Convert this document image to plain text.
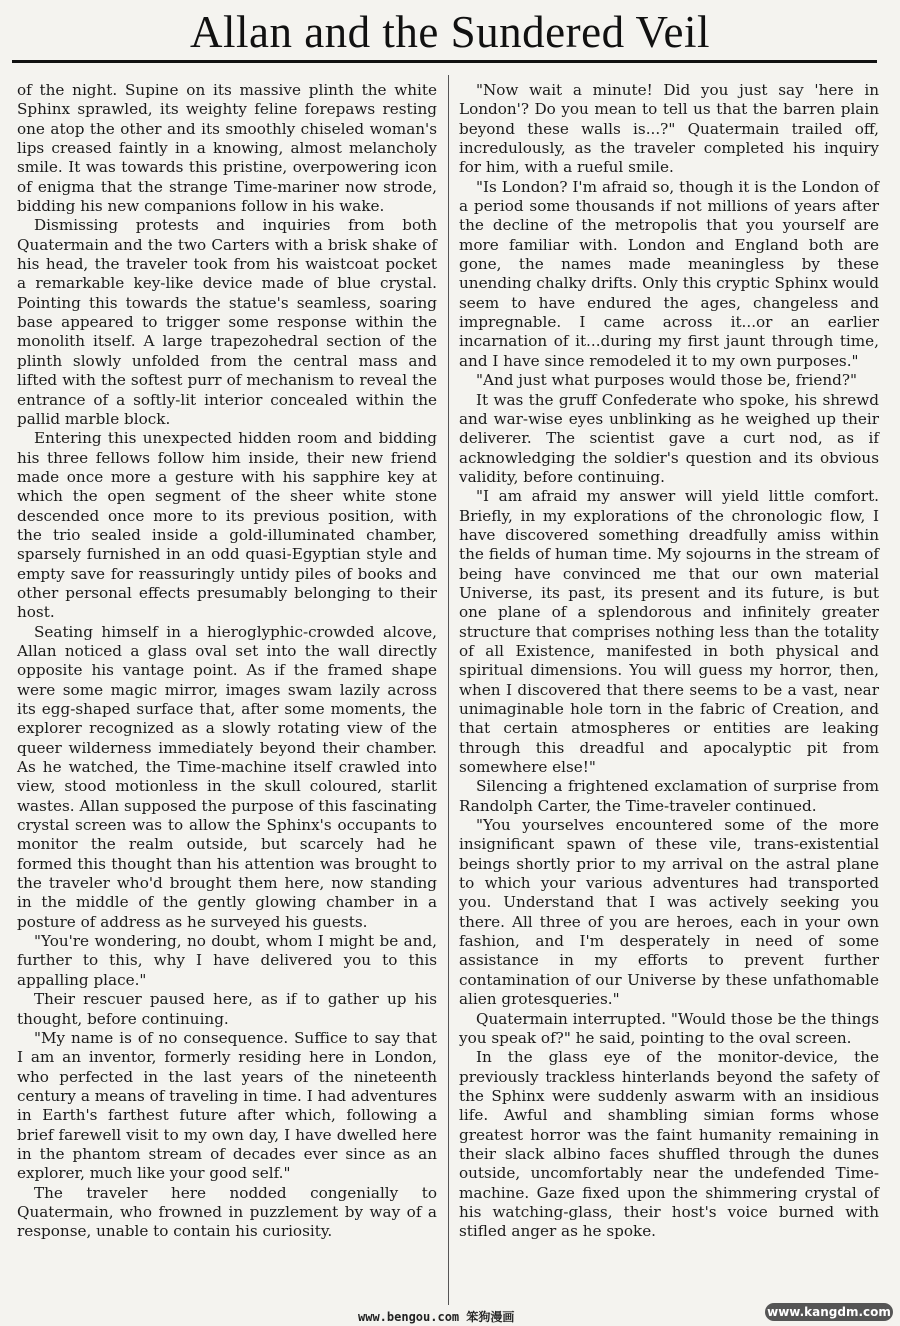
Allan and the Sundered Veil

of the night. Supine on its massive plinth the white Sphinx sprawled, its weighty feline forepaws resting one atop the other and its smoothly chiseled woman's lips creased faintly in a knowing, almost melancholy smile. It was towards this pristine, overpowering icon of enigma that the strange Time-mariner now strode, bidding his new companions follow in his wake.

Dismissing protests and inquiries from both Quatermain and the two Carters with a brisk shake of his head, the traveler took from his waistcoat pocket a remarkable key-like device made of blue crystal. Pointing this towards the statue's seamless, soaring base appeared to trigger some response within the monolith itself. A large trapezohedral section of the plinth slowly unfolded from the central mass and lifted with the softest purr of mechanism to reveal the entrance of a softly-lit interior concealed within the pallid marble block.

Entering this unexpected hidden room and bidding his three fellows follow him inside, their new friend made once more a gesture with his sapphire key at which the open segment of the sheer white stone descended once more to its previous position, with the trio sealed inside a gold-illuminated chamber, sparsely furnished in an odd quasi-Egyptian style and empty save for reassuringly untidy piles of books and other personal effects presumably belonging to their host.

Seating himself in a hieroglyphic-crowded alcove, Allan noticed a glass oval set into the wall directly opposite his vantage point. As if the framed shape were some magic mirror, images swam lazily across its egg-shaped surface that, after some moments, the explorer recognized as a slowly rotating view of the queer wilderness immediately beyond their chamber. As he watched, the Time-machine itself crawled into view, stood motionless in the skull coloured, starlit wastes. Allan supposed the purpose of this fascinating crystal screen was to allow the Sphinx's occupants to monitor the realm outside, but scarcely had he formed this thought than his attention was brought to the traveler who'd brought them here, now standing in the middle of the gently glowing chamber in a posture of address as he surveyed his guests.

"You're wondering, no doubt, whom I might be and, further to this, why I have delivered you to this appalling place."

Their rescuer paused here, as if to gather up his thought, before continuing.

"My name is of no consequence. Suffice to say that I am an inventor, formerly residing here in London, who perfected in the last years of the nineteenth century a means of traveling in time. I had adventures in Earth's farthest future after which, following a brief farewell visit to my own day, I have dwelled here in the phantom stream of decades ever since as an explorer, much like your good self."

The traveler here nodded congenially to Quatermain, who frowned in puzzlement by way of a response, unable to contain his curiosity.

"Now wait a minute! Did you just say 'here in London'? Do you mean to tell us that the barren plain beyond these walls is...?" Quatermain trailed off, incredulously, as the traveler completed his inquiry for him, with a rueful smile.

"Is London? I'm afraid so, though it is the London of a period some thousands if not millions of years after the decline of the metropolis that you yourself are more familiar with. London and England both are gone, the names made meaningless by these unending chalky drifts. Only this cryptic Sphinx would seem to have endured the ages, changeless and impregnable. I came across it...or an earlier incarnation of it...during my first jaunt through time, and I have since remodeled it to my own purposes."

"And just what purposes would those be, friend?"

It was the gruff Confederate who spoke, his shrewd and war-wise eyes unblinking as he weighed up their deliverer. The scientist gave a curt nod, as if acknowledging the soldier's question and its obvious validity, before continuing.

"I am afraid my answer will yield little comfort. Briefly, in my explorations of the chronologic flow, I have discovered something dreadfully amiss within the fields of human time. My sojourns in the stream of being have convinced me that our own material Universe, its past, its present and its future, is but one plane of a splendorous and infinitely greater structure that comprises nothing less than the totality of all Existence, manifested in both physical and spiritual dimensions. You will guess my horror, then, when I discovered that there seems to be a vast, near unimaginable hole torn in the fabric of Creation, and that certain atmospheres or entities are leaking through this dreadful and apocalyptic pit from somewhere else!"

Silencing a frightened exclamation of surprise from Randolph Carter, the Time-traveler continued.

"You yourselves encountered some of the more insignificant spawn of these vile, trans-existential beings shortly prior to my arrival on the astral plane to which your various adventures had transported you. Understand that I was actively seeking you there. All three of you are heroes, each in your own fashion, and I'm desperately in need of some assistance in my efforts to prevent further contamination of our Universe by these unfathomable alien grotesqueries."

Quatermain interrupted. "Would those be the things you speak of?" he said, pointing to the oval screen.

In the glass eye of the monitor-device, the previously trackless hinterlands beyond the safety of the Sphinx were suddenly aswarm with an insidious life. Awful and shambling simian forms whose greatest horror was the faint humanity remaining in their slack albino faces shuffled through the dunes outside, uncomfortably near the undefended Time-machine. Gaze fixed upon the shimmering crystal of his watching-glass, their host's voice burned with stifled anger as he spoke.

www.bengou.com 笨狗漫画	www.kangdm.com
